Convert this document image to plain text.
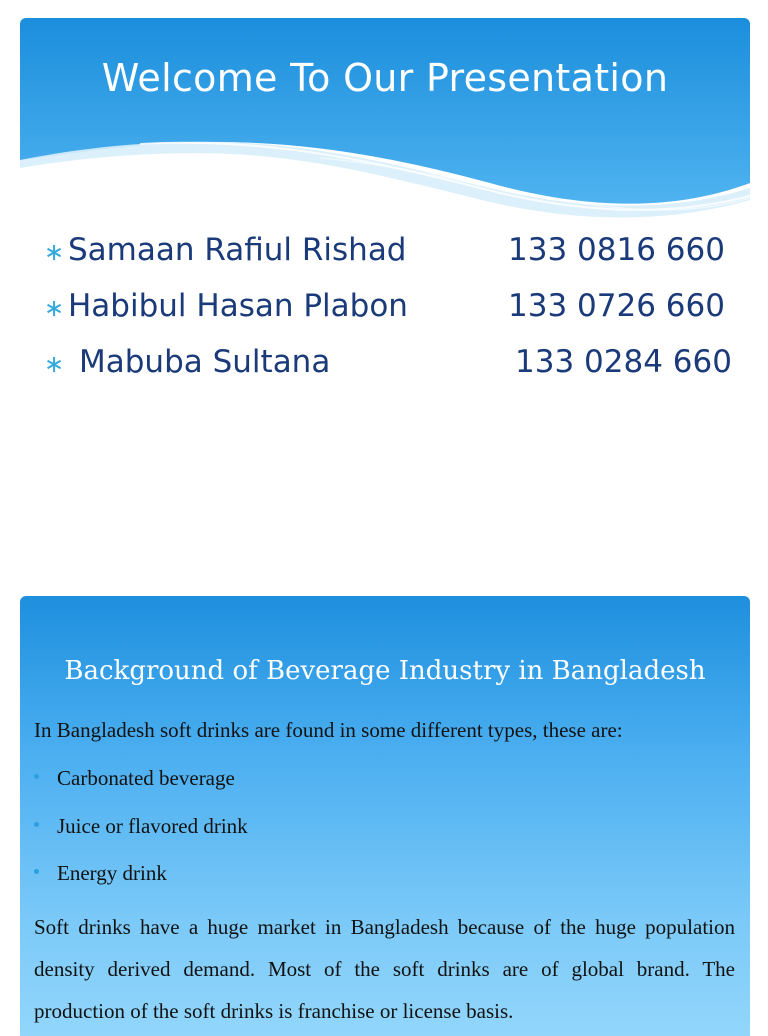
Welcome To Our Presentation
∗ Samaan Rafiul Rishad	133 0816 660
∗ Habibul Hasan Plabon	133 0726 660
∗ Mabuba Sultana	133 0284 660
Background of Beverage Industry in Bangladesh

In Bangladesh soft drinks are found in some different types, these are:

Carbonated beverage
Juice or flavored drink
Energy drink

Soft drinks have a huge market in Bangladesh because of the huge population density derived demand. Most of the soft drinks are of global brand. The production of the soft drinks is franchise or license basis.
